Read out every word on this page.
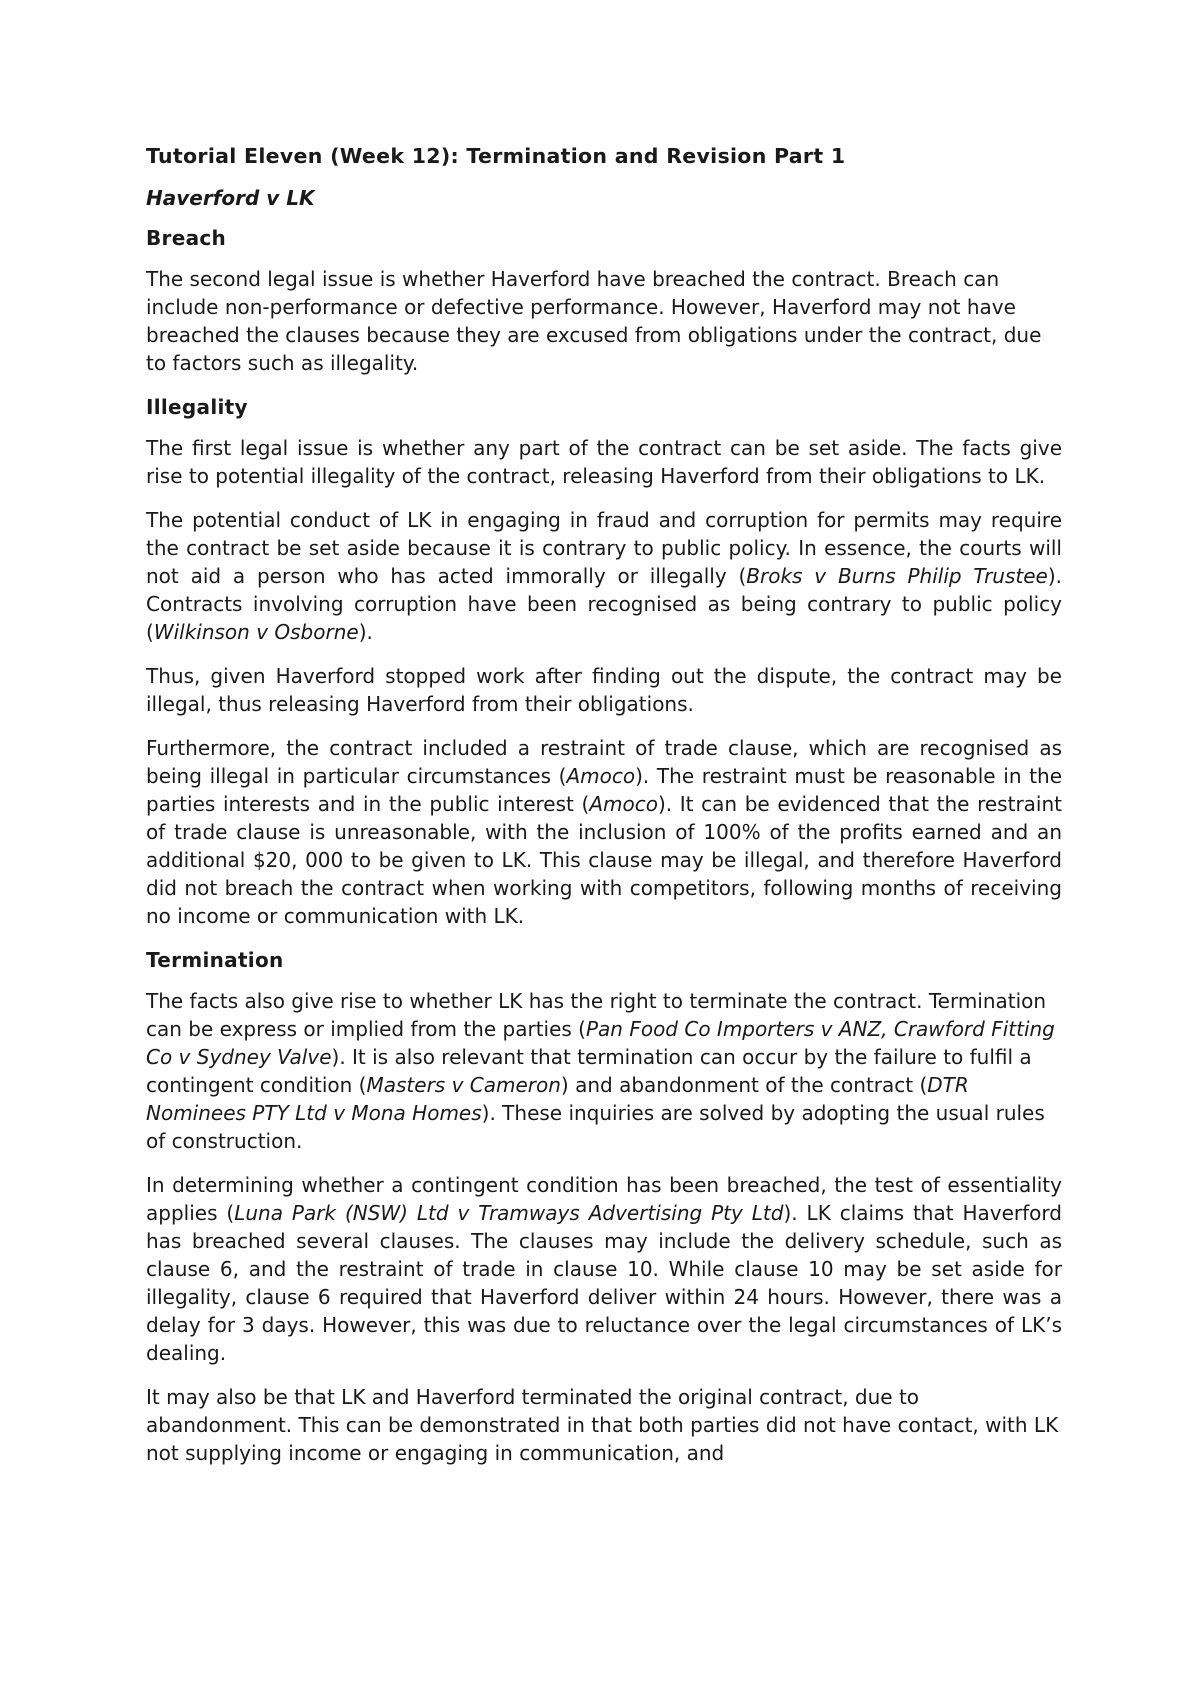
Tutorial Eleven (Week 12): Termination and Revision Part 1
Haverford v LK
Breach

The second legal issue is whether Haverford have breached the contract. Breach can include non-performance or defective performance. However, Haverford may not have breached the clauses because they are excused from obligations under the contract, due to factors such as illegality.

Illegality

The first legal issue is whether any part of the contract can be set aside. The facts give rise to potential illegality of the contract, releasing Haverford from their obligations to LK.

The potential conduct of LK in engaging in fraud and corruption for permits may require the contract be set aside because it is contrary to public policy. In essence, the courts will not aid a person who has acted immorally or illegally (Broks v Burns Philip Trustee). Contracts involving corruption have been recognised as being contrary to public policy (Wilkinson v Osborne).

Thus, given Haverford stopped work after finding out the dispute, the contract may be illegal, thus releasing Haverford from their obligations.

Furthermore, the contract included a restraint of trade clause, which are recognised as being illegal in particular circumstances (Amoco). The restraint must be reasonable in the parties interests and in the public interest (Amoco). It can be evidenced that the restraint of trade clause is unreasonable, with the inclusion of 100% of the profits earned and an additional $20, 000 to be given to LK. This clause may be illegal, and therefore Haverford did not breach the contract when working with competitors, following months of receiving no income or communication with LK.

Termination

The facts also give rise to whether LK has the right to terminate the contract. Termination can be express or implied from the parties (Pan Food Co Importers v ANZ, Crawford Fitting Co v Sydney Valve). It is also relevant that termination can occur by the failure to fulfil a contingent condition (Masters v Cameron) and abandonment of the contract (DTR Nominees PTY Ltd v Mona Homes). These inquiries are solved by adopting the usual rules of construction.

In determining whether a contingent condition has been breached, the test of essentiality applies (Luna Park (NSW) Ltd v Tramways Advertising Pty Ltd). LK claims that Haverford has breached several clauses. The clauses may include the delivery schedule, such as clause 6, and the restraint of trade in clause 10. While clause 10 may be set aside for illegality, clause 6 required that Haverford deliver within 24 hours. However, there was a delay for 3 days. However, this was due to reluctance over the legal circumstances of LK’s dealing.

It may also be that LK and Haverford terminated the original contract, due to abandonment. This can be demonstrated in that both parties did not have contact, with LK not supplying income or engaging in communication, and
